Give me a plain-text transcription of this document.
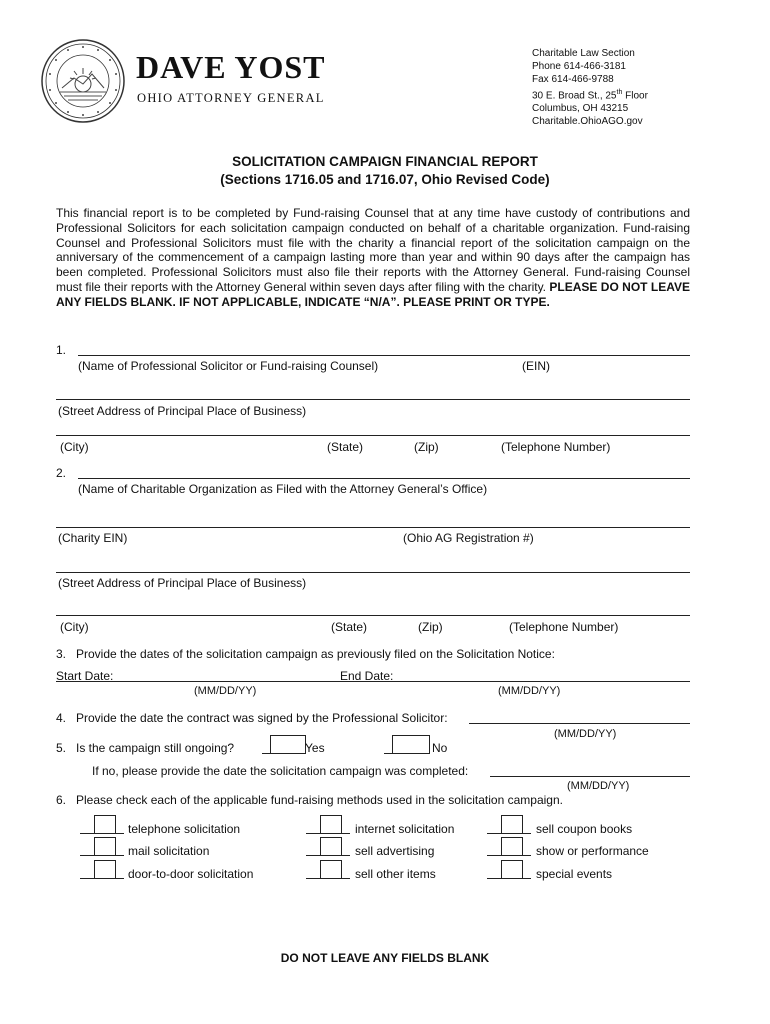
DAVE YOST
OHIO ATTORNEY GENERAL
Charitable Law Section
Phone 614-466-3181
Fax 614-466-9788
30 E. Broad St., 25th Floor
Columbus, OH 43215
Charitable.OhioAGO.gov
SOLICITATION CAMPAIGN FINANCIAL REPORT
(Sections 1716.05 and 1716.07, Ohio Revised Code)
This financial report is to be completed by Fund-raising Counsel that at any time have custody of contributions and Professional Solicitors for each solicitation campaign conducted on behalf of a charitable organization. Fund-raising Counsel and Professional Solicitors must file with the charity a financial report of the solicitation campaign on the anniversary of the commencement of a campaign lasting more than year and within 90 days after the campaign has been completed. Professional Solicitors must also file their reports with the Attorney General. Fund-raising Counsel must file their reports with the Attorney General within seven days after filing with the charity. PLEASE DO NOT LEAVE ANY FIELDS BLANK. IF NOT APPLICABLE, INDICATE “N/A”. PLEASE PRINT OR TYPE.
1.
(Name of Professional Solicitor or Fund-raising Counsel)	(EIN)
(Street Address of Principal Place of Business)
(City)	(State)	(Zip)	(Telephone Number)
2.
(Name of Charitable Organization as Filed with the Attorney General’s Office)
(Charity EIN)	(Ohio AG Registration #)
(Street Address of Principal Place of Business)
(City)	(State)	(Zip)	(Telephone Number)
3.   Provide the dates of the solicitation campaign as previously filed on the Solicitation Notice:
Start Date:	End Date:
(MM/DD/YY)	(MM/DD/YY)
4.   Provide the date the contract was signed by the Professional Solicitor:
(MM/DD/YY)
5.   Is the campaign still ongoing?	Yes	No
If no, please provide the date the solicitation campaign was completed:
(MM/DD/YY)
6.   Please check each of the applicable fund-raising methods used in the solicitation campaign.
telephone solicitation
mail solicitation
door-to-door solicitation
internet solicitation
sell advertising
sell other items
sell coupon books
show or performance
special events
DO NOT LEAVE ANY FIELDS BLANK
